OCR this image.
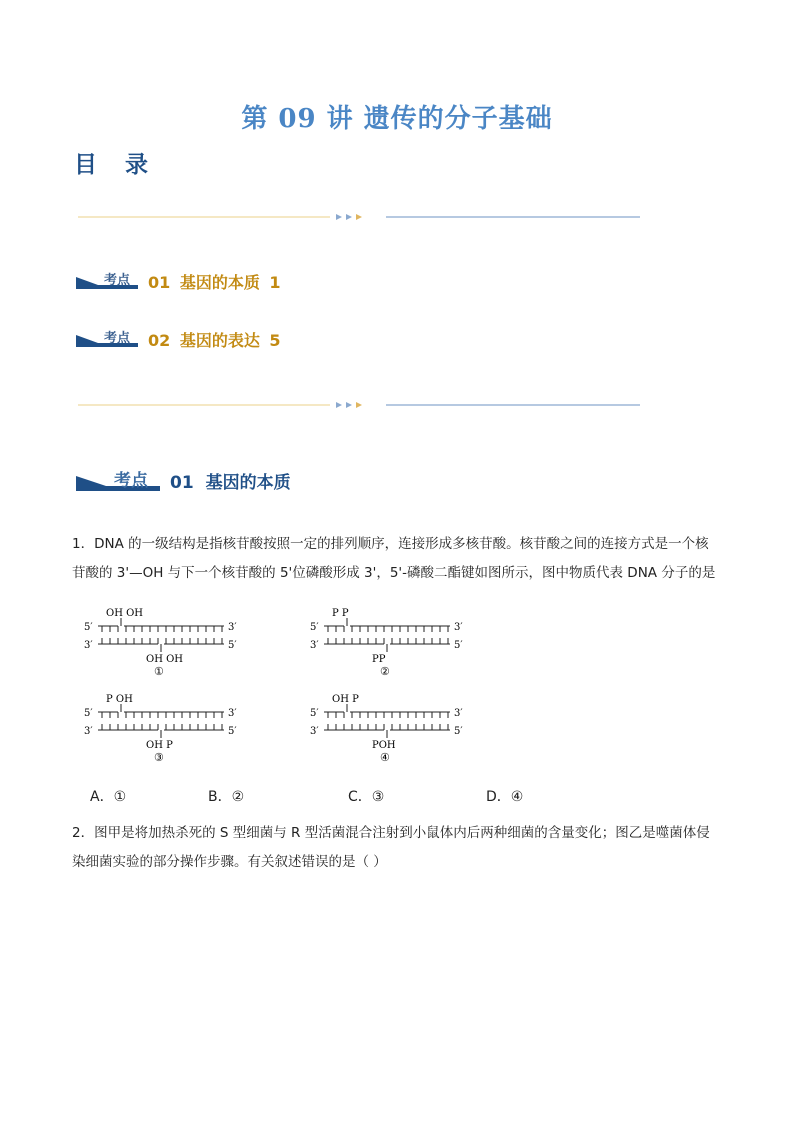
第 09 讲 遗传的分子基础
目 录
考点 01 基因的本质 1
考点 02 基因的表达 5
考点 01 基因的本质
1．DNA 的一级结构是指核苷酸按照一定的排列顺序，连接形成多核苷酸。核苷酸之间的连接方式是一个核苷酸的 3'—OH 与下一个核苷酸的 5'位磷酸形成 3'，5'-磷酸二酯键如图所示，图中物质代表 DNA 分子的是
5′	3′
3′	5′
OH OH
OH OH
①
5′	3′
3′	5′
P P
PP
②
5′	3′
3′	5′
P OH
OH P
③
5′	3′
3′	5′
OH P
POH
④
A．①	B．②	C．③	D．④
2．图甲是将加热杀死的 S 型细菌与 R 型活菌混合注射到小鼠体内后两种细菌的含量变化；图乙是噬菌体侵染细菌实验的部分操作步骤。有关叙述错误的是（ ）
